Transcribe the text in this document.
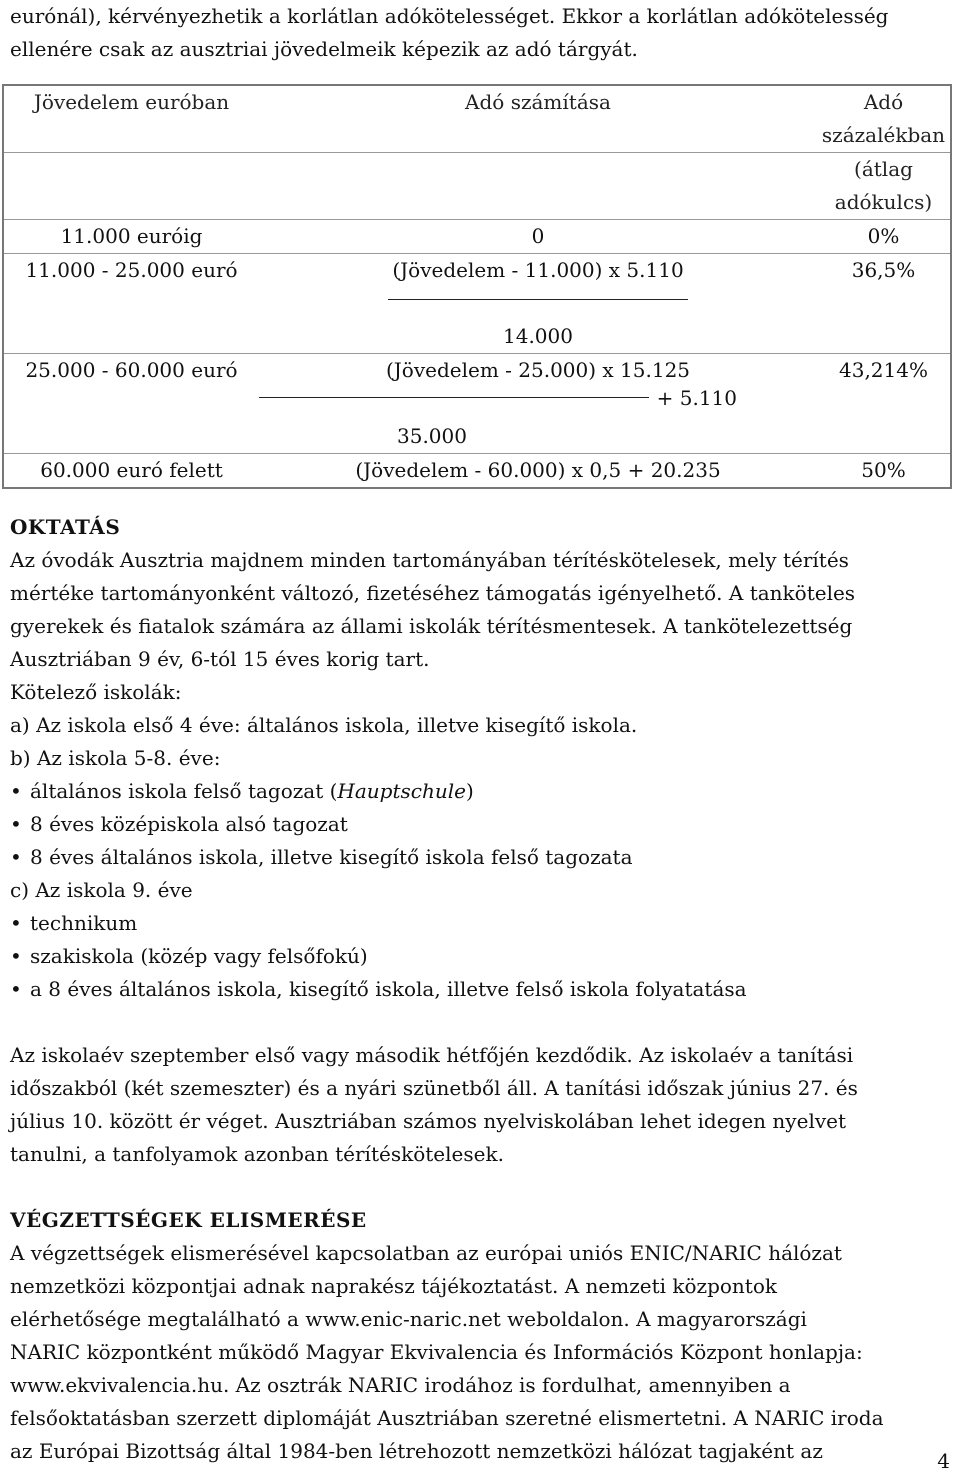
eurónál), kérvényezhetik a korlátlan adókötelességet. Ekkor a korlátlan adókötelesség

ellenére csak az ausztriai jövedelmeik képezik az adó tárgyát.

Jövedelem euróban	Adó számítása	Adó százalékban
		(átlag adókulcs)
11.000 euróig	0	0%
11.000 - 25.000 euró	(Jövedelem - 11.000) x 5.110	36,5%

	14.000	
25.000 - 60.000 euró	(Jövedelem - 25.000) x 15.125	43,214%

	+ 5.110	

	35.000	
60.000 euró felett	(Jövedelem - 60.000) x 0,5 + 20.235	50%

OKTATÁS

Az óvodák Ausztria majdnem minden tartományában térítéskötelesek, mely térítés

mértéke tartományonként változó, fizetéséhez támogatás igényelhető. A tanköteles

gyerekek és fiatalok számára az állami iskolák térítésmentesek. A tankötelezettség

Ausztriában 9 év, 6-tól 15 éves korig tart.

Kötelező iskolák:

a) Az iskola első 4 éve: általános iskola, illetve kisegítő iskola.

b) Az iskola 5-8. éve:

• általános iskola felső tagozat (Hauptschule)

• 8 éves középiskola alsó tagozat

• 8 éves általános iskola, illetve kisegítő iskola felső tagozata

c) Az iskola 9. éve

• technikum

• szakiskola (közép vagy felsőfokú)

• a 8 éves általános iskola, kisegítő iskola, illetve felső iskola folyatatása

Az iskolaév szeptember első vagy második hétfőjén kezdődik. Az iskolaév a tanítási

időszakból (két szemeszter) és a nyári szünetből áll. A tanítási időszak június 27. és

július 10. között ér véget. Ausztriában számos nyelviskolában lehet idegen nyelvet

tanulni, a tanfolyamok azonban térítéskötelesek.

VÉGZETTSÉGEK ELISMERÉSE

A végzettségek elismerésével kapcsolatban az európai uniós ENIC/NARIC hálózat

nemzetközi központjai adnak naprakész tájékoztatást. A nemzeti központok

elérhetősége megtalálható a www.enic-naric.net weboldalon. A magyarországi

NARIC központként működő Magyar Ekvivalencia és Információs Központ honlapja:

www.ekvivalencia.hu. Az osztrák NARIC irodához is fordulhat, amennyiben a

felsőoktatásban szerzett diplomáját Ausztriában szeretné elismertetni. A NARIC iroda

az Európai Bizottság által 1984-ben létrehozott nemzetközi hálózat tagjaként az	4
